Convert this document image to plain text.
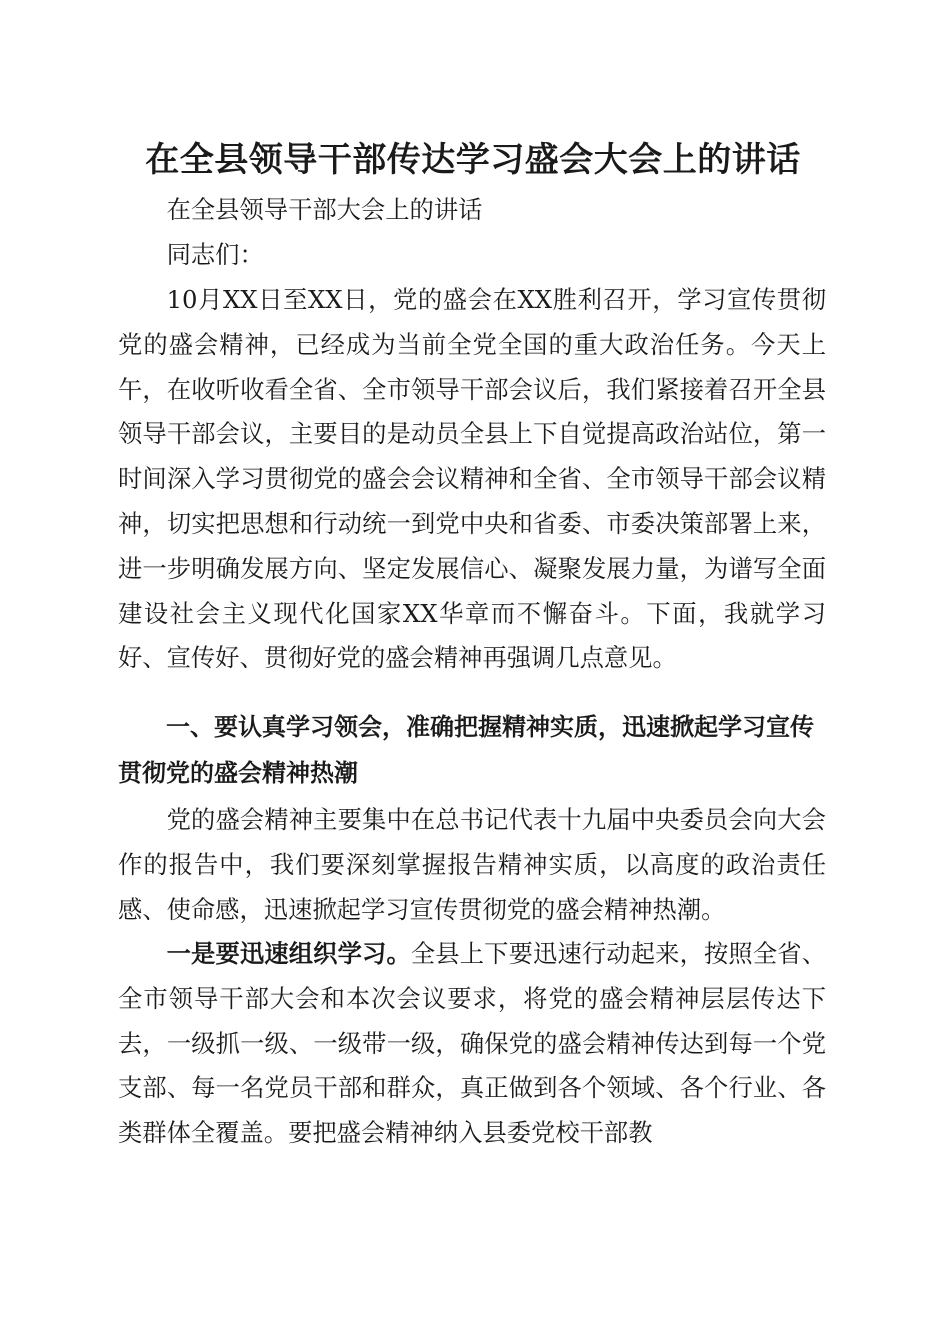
在全县领导干部传达学习盛会大会上的讲话

在全县领导干部大会上的讲话

同志们：

10月XX日至XX日，党的盛会在XX胜利召开，学习宣传贯彻党的盛会精神，已经成为当前全党全国的重大政治任务。今天上午，在收听收看全省、全市领导干部会议后，我们紧接着召开全县领导干部会议，主要目的是动员全县上下自觉提高政治站位，第一时间深入学习贯彻党的盛会会议精神和全省、全市领导干部会议精神，切实把思想和行动统一到党中央和省委、市委决策部署上来，进一步明确发展方向、坚定发展信心、凝聚发展力量，为谱写全面建设社会主义现代化国家XX华章而不懈奋斗。下面，我就学习好、宣传好、贯彻好党的盛会精神再强调几点意见。

一、要认真学习领会，准确把握精神实质，迅速掀起学习宣传贯彻党的盛会精神热潮

党的盛会精神主要集中在总书记代表十九届中央委员会向大会作的报告中，我们要深刻掌握报告精神实质，以高度的政治责任感、使命感，迅速掀起学习宣传贯彻党的盛会精神热潮。

一是要迅速组织学习。全县上下要迅速行动起来，按照全省、全市领导干部大会和本次会议要求，将党的盛会精神层层传达下去，一级抓一级、一级带一级，确保党的盛会精神传达到每一个党支部、每一名党员干部和群众，真正做到各个领域、各个行业、各类群体全覆盖。要把盛会精神纳入县委党校干部教
